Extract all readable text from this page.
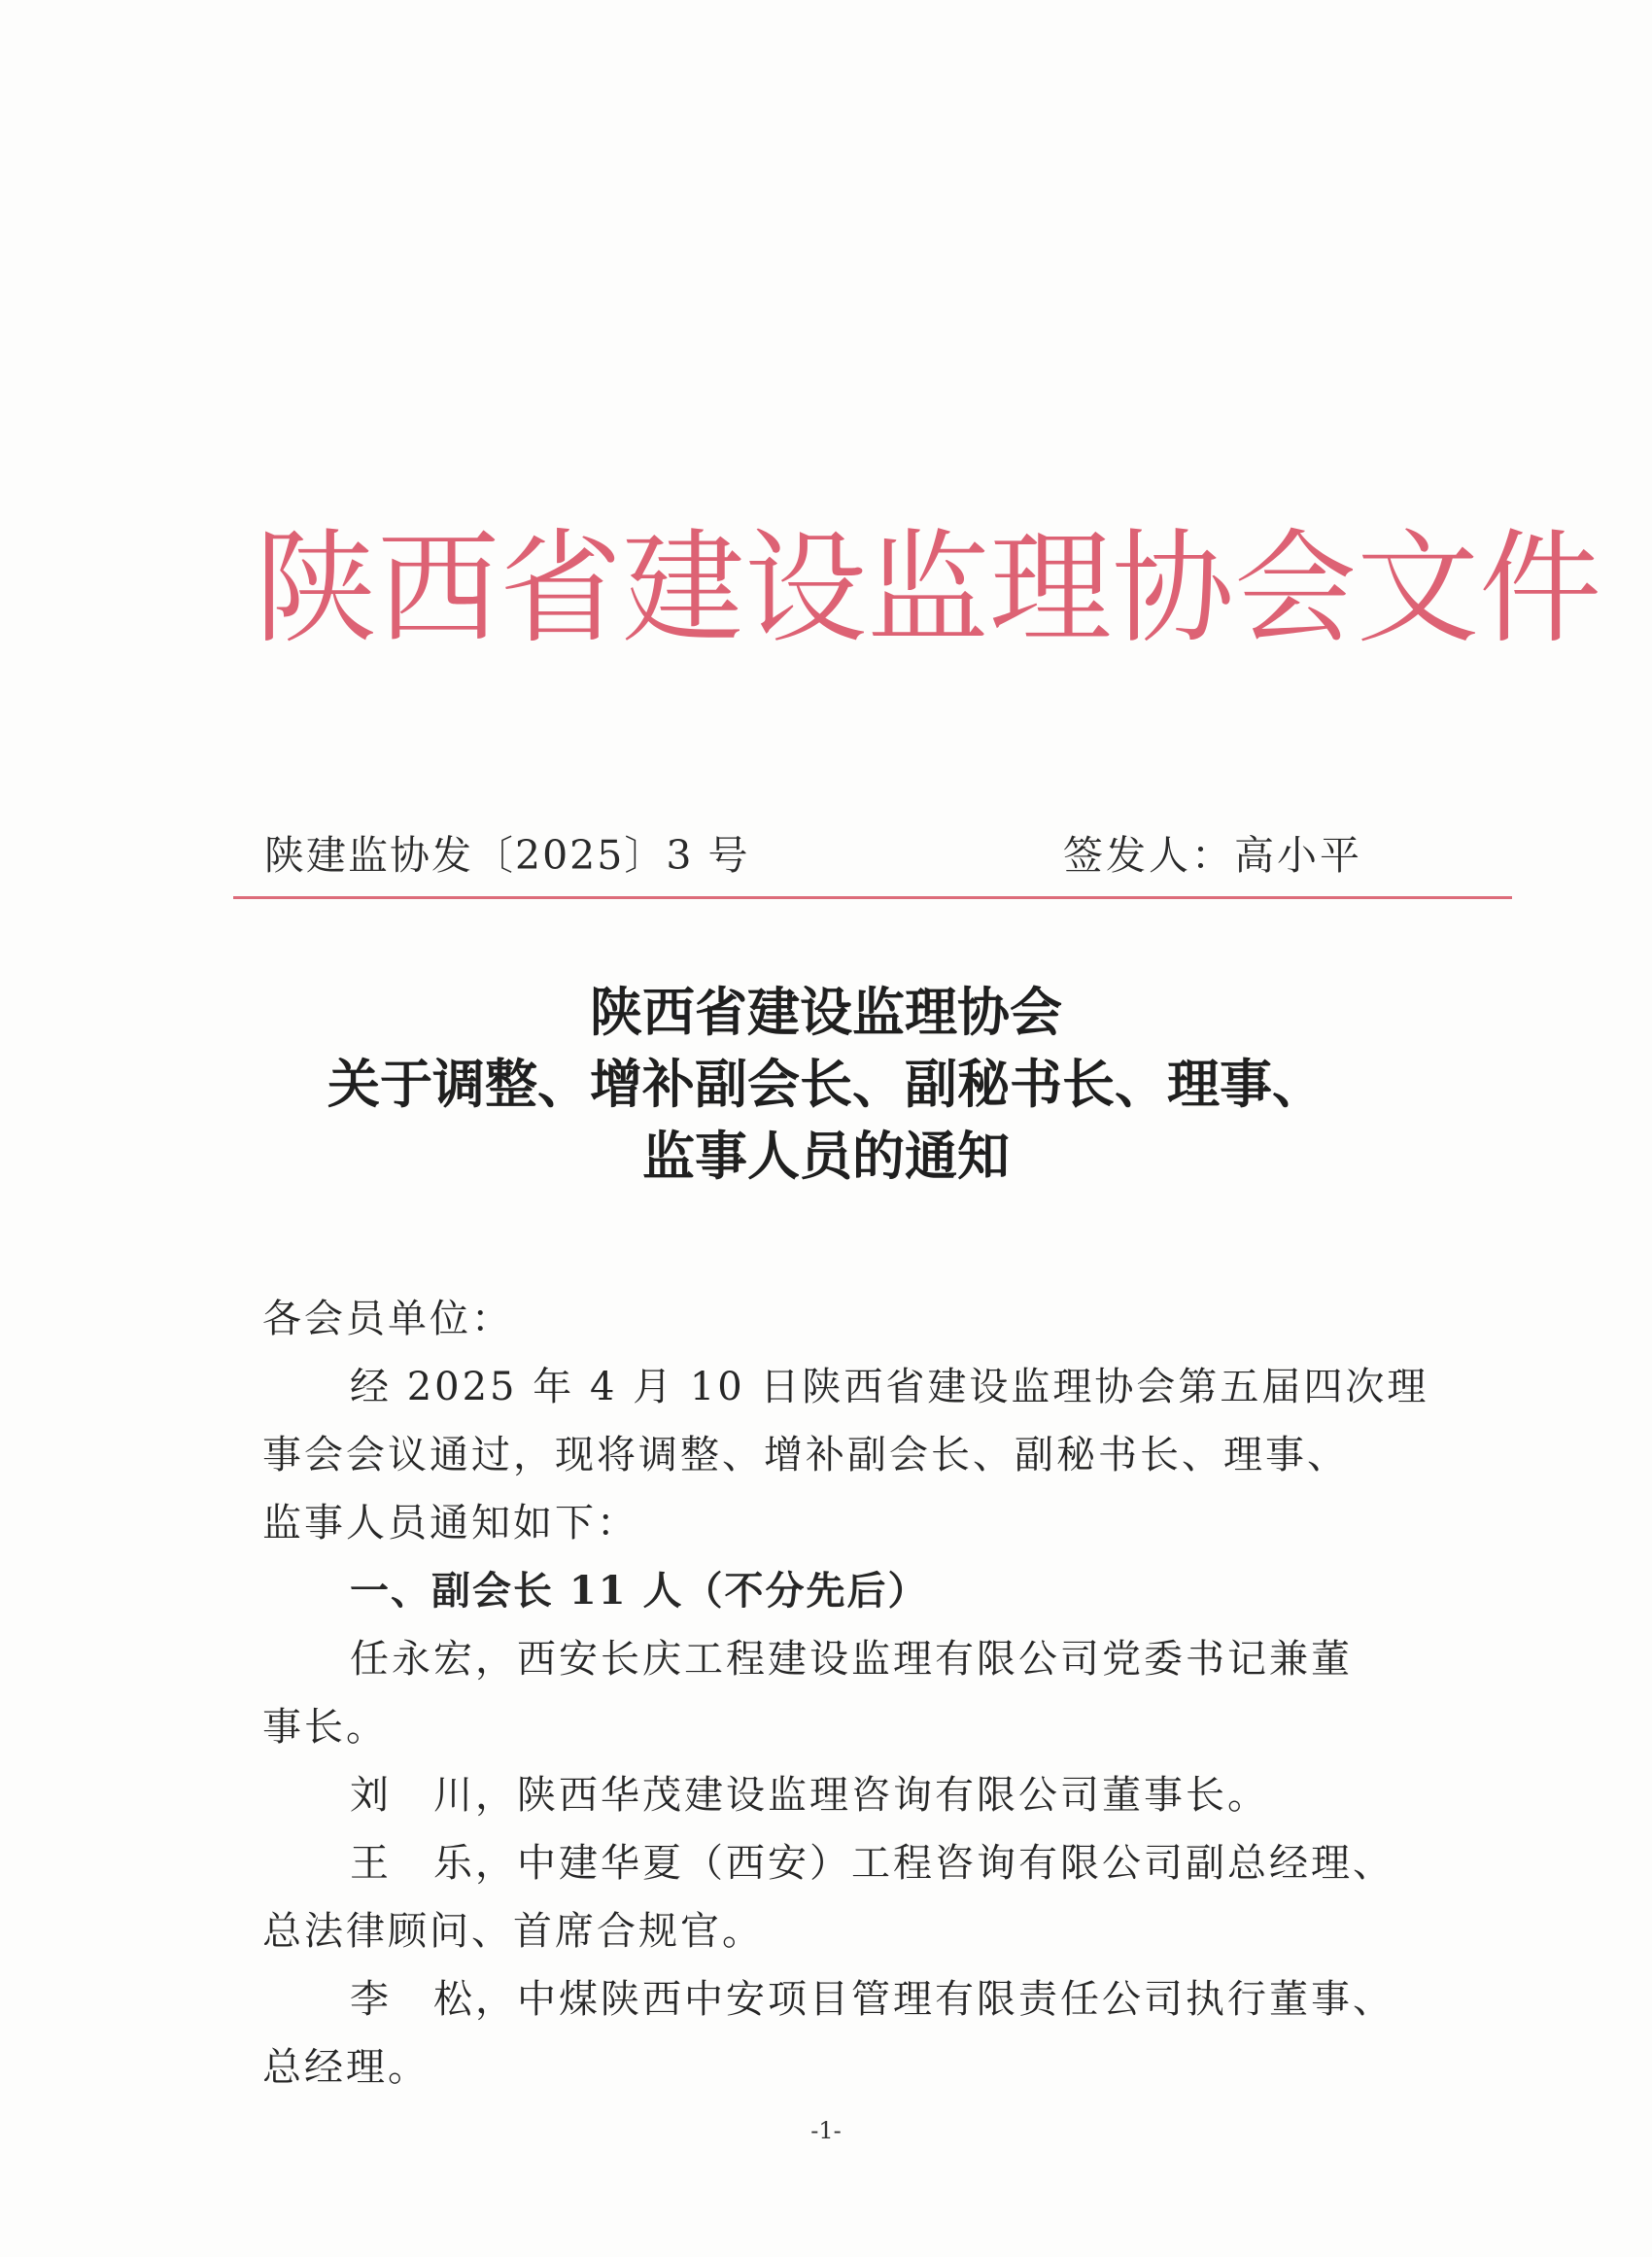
陕西省建设监理协会文件
陕建监协发〔2025〕3 号	签发人：高小平
陕西省建设监理协会
关于调整、增补副会长、副秘书长、理事、
监事人员的通知

各会员单位：

经 2025 年 4 月 10 日陕西省建设监理协会第五届四次理

事会会议通过，现将调整、增补副会长、副秘书长、理事、

监事人员通知如下：

一、副会长 11 人（不分先后）

任永宏，西安长庆工程建设监理有限公司党委书记兼董

事长。

刘　川，陕西华茂建设监理咨询有限公司董事长。

王　乐，中建华夏（西安）工程咨询有限公司副总经理、

总法律顾问、首席合规官。

李　松，中煤陕西中安项目管理有限责任公司执行董事、

总经理。

-1-
